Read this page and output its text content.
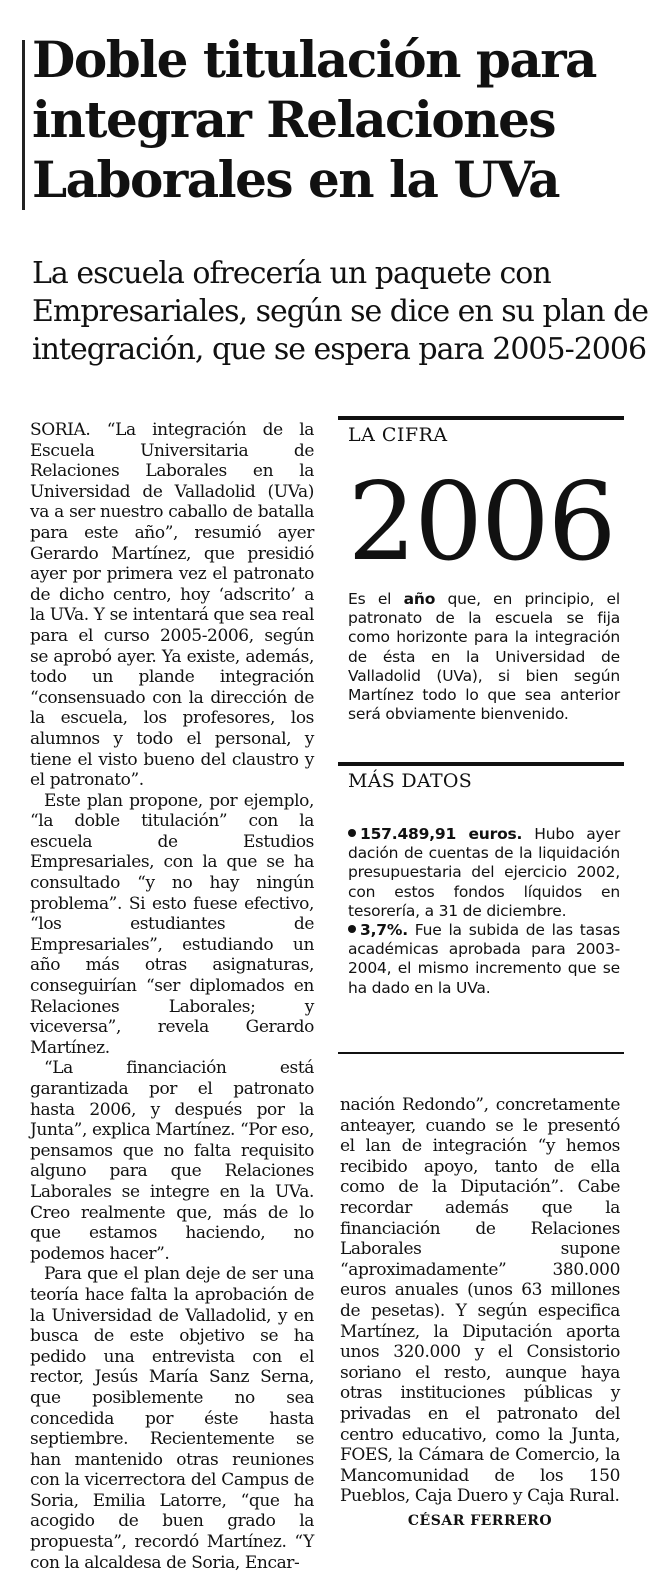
Doble titulación para
integrar Relaciones
Laborales en la UVa
La escuela ofrecería un paquete con
Empresariales, según se dice en su plan de
integración, que se espera para 2005-2006

SORIA. “La integración de la Escuela Universitaria de Relaciones Laborales en la Universidad de Valladolid (UVa) va a ser nuestro caballo de batalla para este año”, resumió ayer Gerardo Martínez, que presidió ayer por primera vez el patronato de dicho centro, hoy ‘adscrito’ a la UVa. Y se intentará que sea real para el curso 2005-2006, según se aprobó ayer. Ya existe, además, todo un plande integración “consensuado con la dirección de la escuela, los profesores, los alumnos y todo el personal, y tiene el visto bueno del claustro y el patronato”.

Este plan propone, por ejemplo, “la doble titulación” con la escuela de Estudios Empresariales, con la que se ha consultado “y no hay ningún problema”. Si esto fuese efectivo, “los estudiantes de Empresariales”, estudiando un año más otras asignaturas, conseguirían “ser diplomados en Relaciones Laborales; y viceversa”, revela Gerardo Martínez.

“La financiación está garantizada por el patronato hasta 2006, y después por la Junta”, explica Martínez. “Por eso, pensamos que no falta requisito alguno para que Relaciones Laborales se integre en la UVa. Creo realmente que, más de lo que estamos haciendo, no podemos hacer”.

Para que el plan deje de ser una teoría hace falta la aprobación de la Universidad de Valladolid, y en busca de este objetivo se ha pedido una entrevista con el rector, Jesús María Sanz Serna, que posiblemente no sea concedida por éste hasta septiembre. Recientemente se han mantenido otras reuniones con la vicerrectora del Campus de Soria, Emilia Latorre, “que ha acogido de buen grado la propuesta”, recordó Martínez. “Y con la alcaldesa de Soria, Encar-

nación Redondo”, concretamente anteayer, cuando se le presentó el lan de integración “y hemos recibido apoyo, tanto de ella como de la Diputación”. Cabe recordar además que la financiación de Relaciones Laborales supone “aproximadamente” 380.000 euros anuales (unos 63 millones de pesetas). Y según especifica Martínez, la Diputación aporta unos 320.000 y el Consistorio soriano el resto, aunque haya otras instituciones públicas y privadas en el patronato del centro educativo, como la Junta, FOES, la Cámara de Comercio, la Mancomunidad de los 150 Pueblos, Caja Duero y Caja Rural.

CÉSAR FERRERO
LA CIFRA
2006
Es el año que, en principio, el patronato de la escuela se fija como horizonte para la integración de ésta en la Universidad de Valladolid (UVa), si bien según Martínez todo lo que sea anterior será obviamente bienvenido.
MÁS DATOS
157.489,91 euros. Hubo ayer dación de cuentas de la liquidación presupuestaria del ejercicio 2002, con estos fondos líquidos en tesorería, a 31 de diciembre.
3,7%. Fue la subida de las tasas académicas aprobada para 2003-2004, el mismo incremento que se ha dado en la UVa.
